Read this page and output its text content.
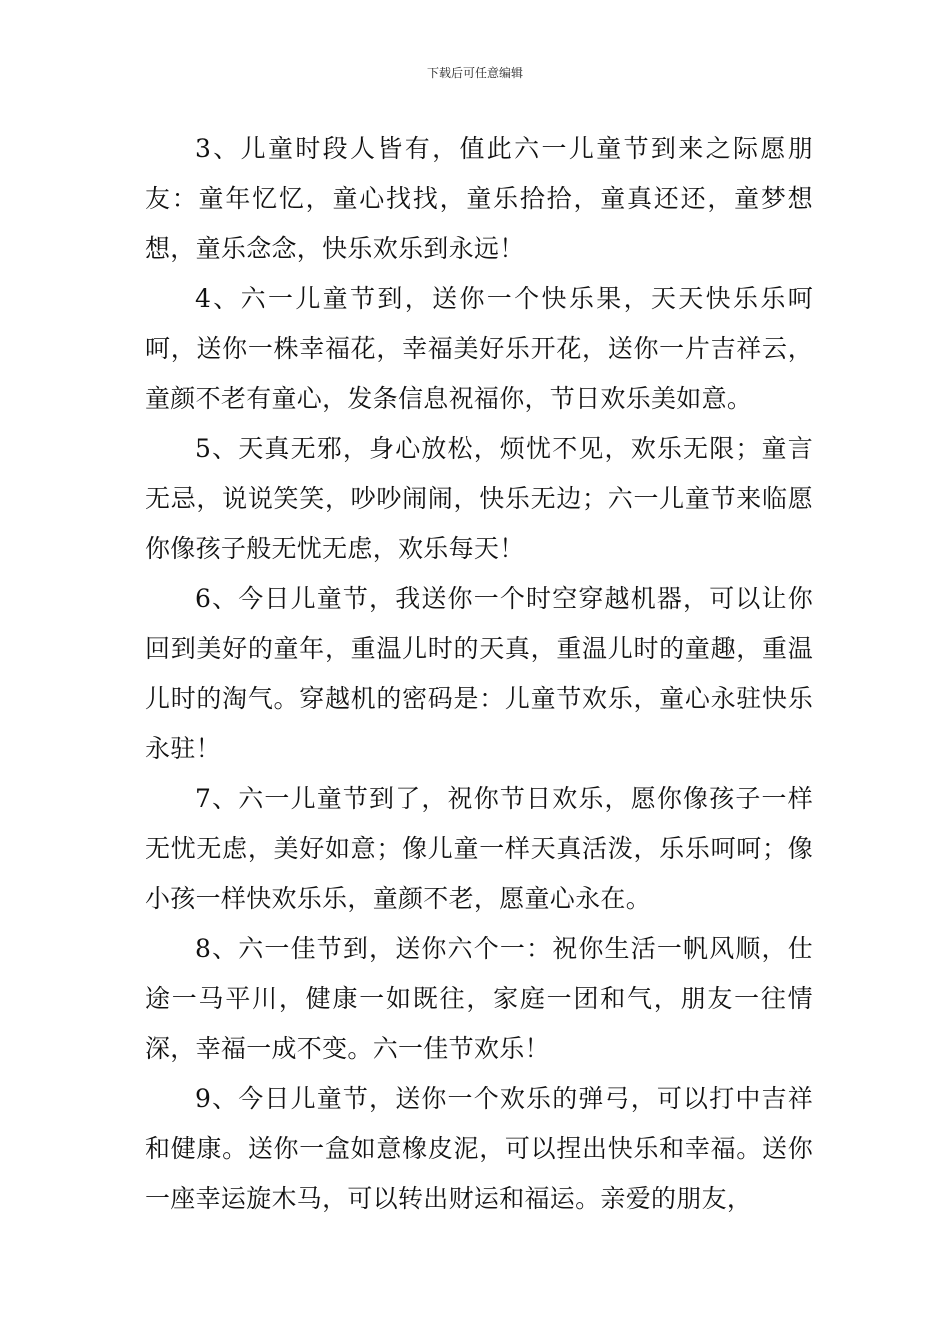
下载后可任意编辑

3、儿童时段人皆有，值此六一儿童节到来之际愿朋友：童年忆忆，童心找找，童乐拾拾，童真还还，童梦想想，童乐念念，快乐欢乐到永远！

4、六一儿童节到，送你一个快乐果，天天快乐乐呵呵，送你一株幸福花，幸福美好乐开花，送你一片吉祥云，童颜不老有童心，发条信息祝福你，节日欢乐美如意。

5、天真无邪，身心放松，烦忧不见，欢乐无限；童言无忌，说说笑笑，吵吵闹闹，快乐无边；六一儿童节来临愿你像孩子般无忧无虑，欢乐每天！

6、今日儿童节，我送你一个时空穿越机器，可以让你回到美好的童年，重温儿时的天真，重温儿时的童趣，重温儿时的淘气。穿越机的密码是：儿童节欢乐，童心永驻快乐永驻！

7、六一儿童节到了，祝你节日欢乐，愿你像孩子一样无忧无虑，美好如意；像儿童一样天真活泼，乐乐呵呵；像小孩一样快欢乐乐，童颜不老，愿童心永在。

8、六一佳节到，送你六个一：祝你生活一帆风顺，仕途一马平川，健康一如既往，家庭一团和气，朋友一往情深，幸福一成不变。六一佳节欢乐！

9、今日儿童节，送你一个欢乐的弹弓，可以打中吉祥和健康。送你一盒如意橡皮泥，可以捏出快乐和幸福。送你一座幸运旋木马，可以转出财运和福运。亲爱的朋友，
